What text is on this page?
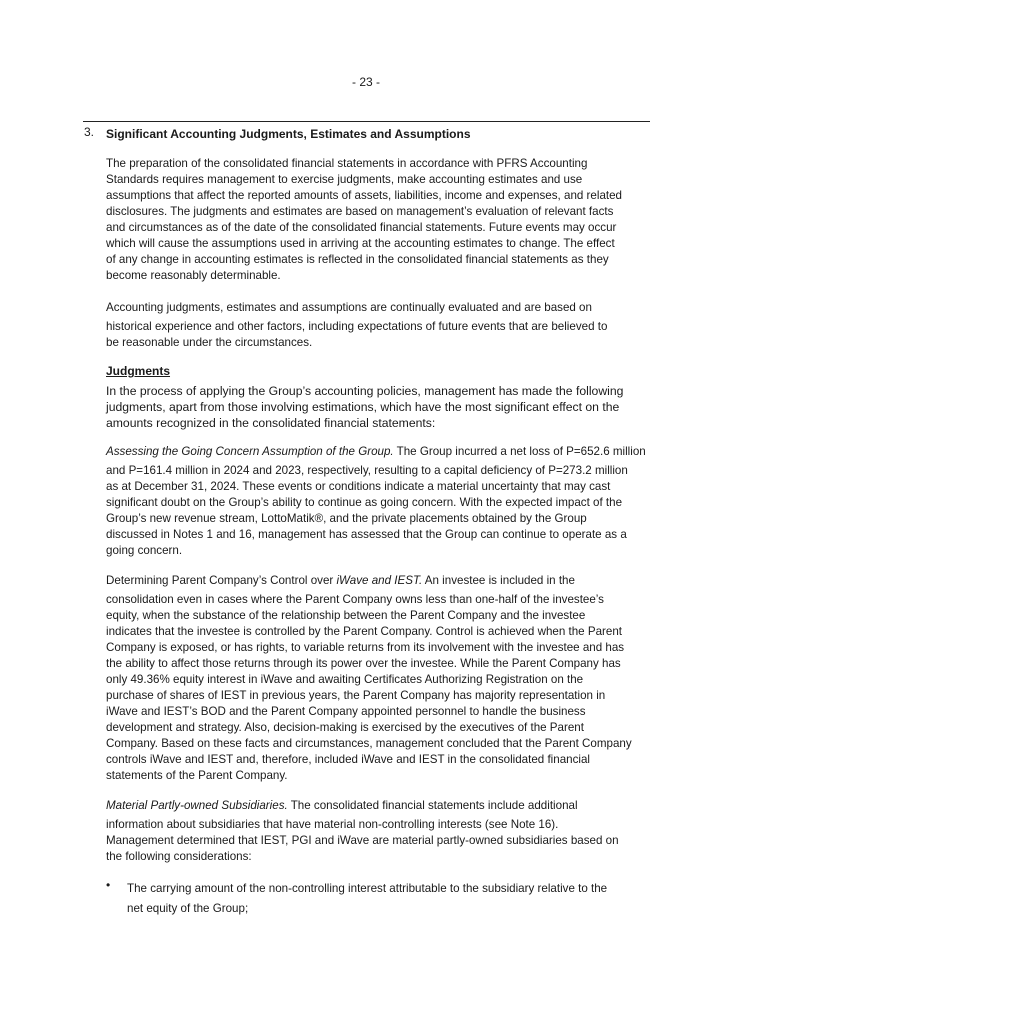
- 23 -
3. Significant Accounting Judgments, Estimates and Assumptions
The preparation of the consolidated financial statements in accordance with PFRS Accounting
Standards requires management to exercise judgments, make accounting estimates and use
assumptions that affect the reported amounts of assets, liabilities, income and expenses, and related
disclosures. The judgments and estimates are based on management’s evaluation of relevant facts
and circumstances as of the date of the consolidated financial statements. Future events may occur
which will cause the assumptions used in arriving at the accounting estimates to change. The effect
of any change in accounting estimates is reflected in the consolidated financial statements as they
become reasonably determinable.
Accounting judgments, estimates and assumptions are continually evaluated and are based on
historical experience and other factors, including expectations of future events that are believed to
be reasonable under the circumstances.
Judgments
In the process of applying the Group’s accounting policies, management has made the following
judgments, apart from those involving estimations, which have the most significant effect on the
amounts recognized in the consolidated financial statements:
Assessing the Going Concern Assumption of the Group. The Group incurred a net loss of P=652.6 million
and P=161.4 million in 2024 and 2023, respectively, resulting to a capital deficiency of P=273.2 million
as at December 31, 2024. These events or conditions indicate a material uncertainty that may cast
significant doubt on the Group’s ability to continue as going concern. With the expected impact of the
Group’s new revenue stream, LottoMatik®, and the private placements obtained by the Group
discussed in Notes 1 and 16, management has assessed that the Group can continue to operate as a
going concern.
Determining Parent Company’s Control over iWave and IEST. An investee is included in the
consolidation even in cases where the Parent Company owns less than one-half of the investee’s
equity, when the substance of the relationship between the Parent Company and the investee
indicates that the investee is controlled by the Parent Company. Control is achieved when the Parent
Company is exposed, or has rights, to variable returns from its involvement with the investee and has
the ability to affect those returns through its power over the investee. While the Parent Company has
only 49.36% equity interest in iWave and awaiting Certificates Authorizing Registration on the
purchase of shares of IEST in previous years, the Parent Company has majority representation in
iWave and IEST’s BOD and the Parent Company appointed personnel to handle the business
development and strategy. Also, decision-making is exercised by the executives of the Parent
Company. Based on these facts and circumstances, management concluded that the Parent Company
controls iWave and IEST and, therefore, included iWave and IEST in the consolidated financial
statements of the Parent Company.
Material Partly-owned Subsidiaries. The consolidated financial statements include additional
information about subsidiaries that have material non-controlling interests (see Note 16).
Management determined that IEST, PGI and iWave are material partly-owned subsidiaries based on
the following considerations:
• The carrying amount of the non-controlling interest attributable to the subsidiary relative to the
net equity of the Group;
